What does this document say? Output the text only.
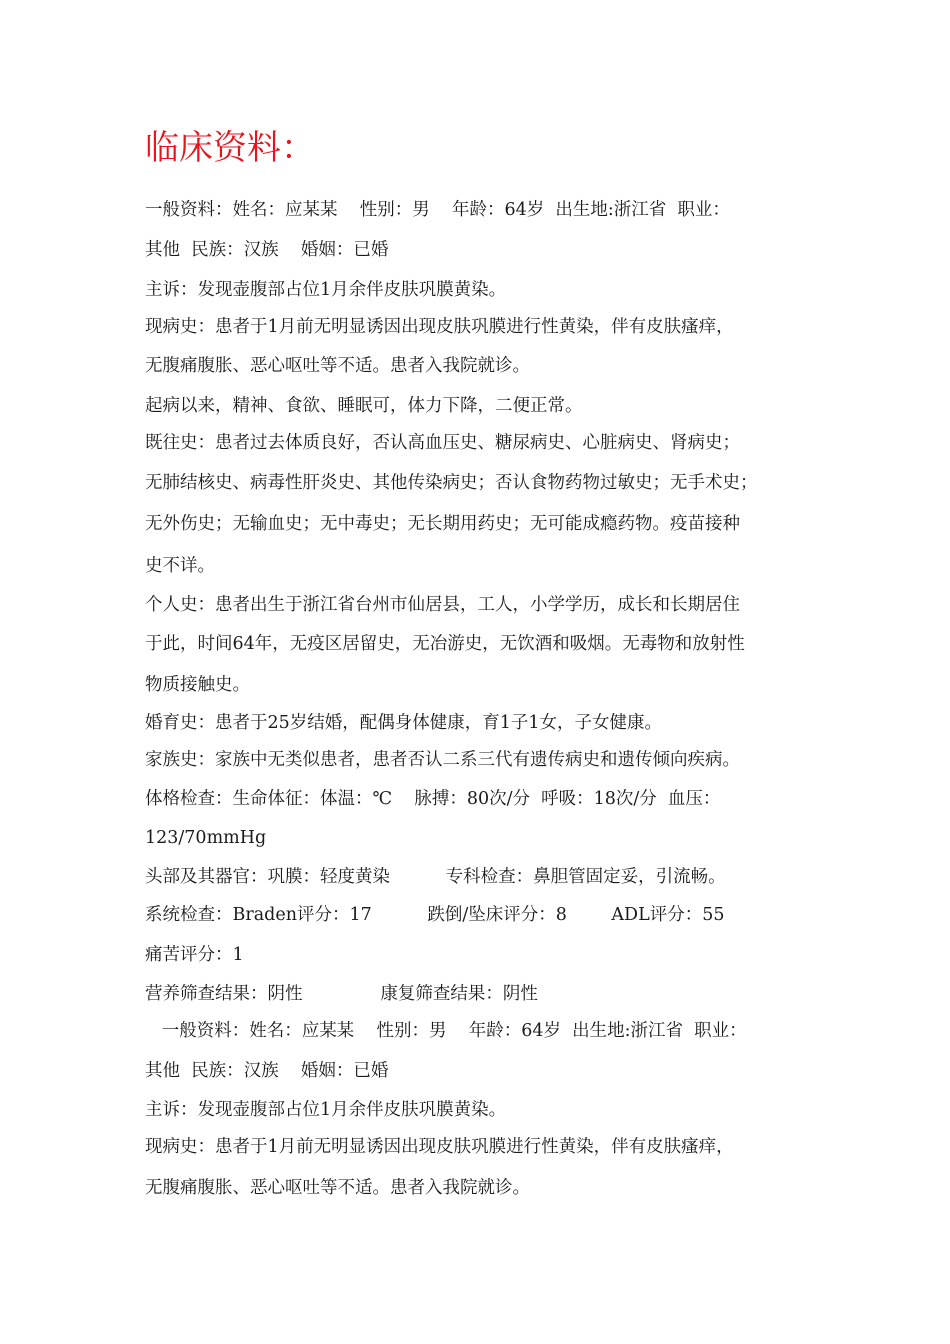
临床资料：
一般资料：姓名：应某某    性别：男    年龄：64岁  出生地:浙江省  职业：
其他  民族：汉族    婚姻：已婚
主诉：发现壶腹部占位1月余伴皮肤巩膜黄染。
现病史：患者于1月前无明显诱因出现皮肤巩膜进行性黄染，伴有皮肤瘙痒，
无腹痛腹胀、恶心呕吐等不适。患者入我院就诊。
起病以来，精神、食欲、睡眠可，体力下降，二便正常。
既往史：患者过去体质良好，否认高血压史、糖尿病史、心脏病史、肾病史；
无肺结核史、病毒性肝炎史、其他传染病史；否认食物药物过敏史；无手术史；
无外伤史；无输血史；无中毒史；无长期用药史；无可能成瘾药物。疫苗接种
史不详。
个人史：患者出生于浙江省台州市仙居县，工人，小学学历，成长和长期居住
于此，时间64年，无疫区居留史，无冶游史，无饮酒和吸烟。无毒物和放射性
物质接触史。
婚育史：患者于25岁结婚，配偶身体健康，育1子1女，子女健康。
家族史：家族中无类似患者，患者否认二系三代有遗传病史和遗传倾向疾病。
体格检查：生命体征：体温：℃    脉搏：80次/分  呼吸：18次/分  血压：
123/70mmHg
头部及其器官：巩膜：轻度黄染          专科检查：鼻胆管固定妥，引流畅。
系统检查：Braden评分：17          跌倒/坠床评分：8        ADL评分：55
痛苦评分：1
营养筛查结果：阴性              康复筛查结果：阴性
一般资料：姓名：应某某    性别：男    年龄：64岁  出生地:浙江省  职业：
其他  民族：汉族    婚姻：已婚
主诉：发现壶腹部占位1月余伴皮肤巩膜黄染。
现病史：患者于1月前无明显诱因出现皮肤巩膜进行性黄染，伴有皮肤瘙痒，
无腹痛腹胀、恶心呕吐等不适。患者入我院就诊。
